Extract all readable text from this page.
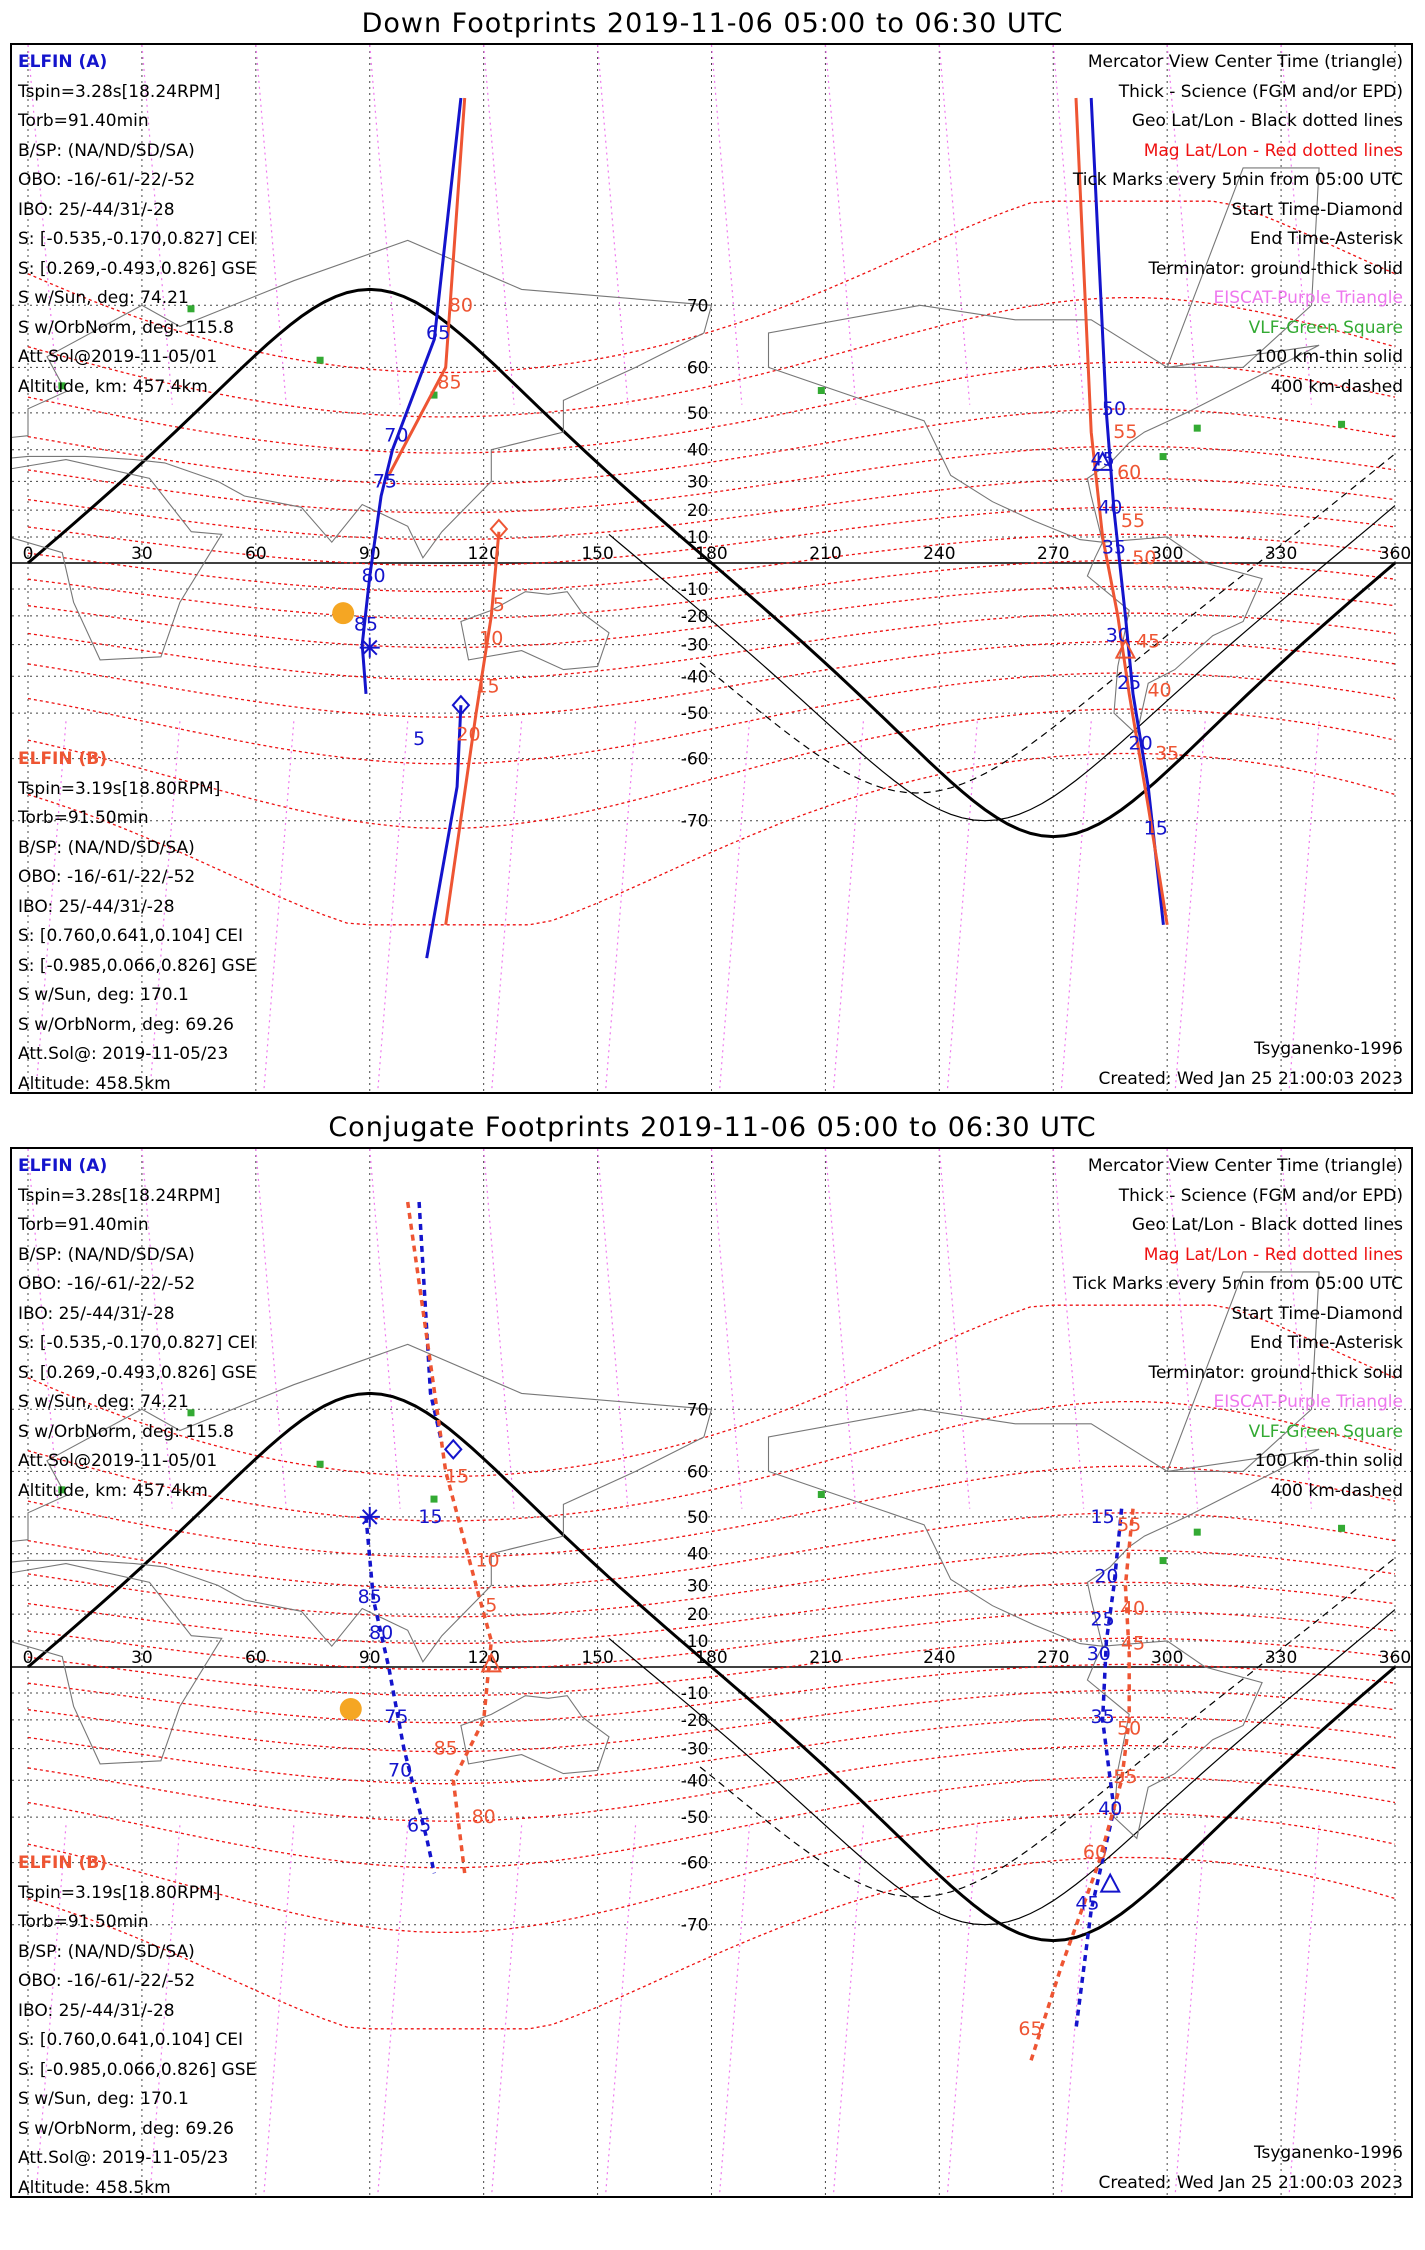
Down Footprints 2019-11-06 05:00 to 06:30 UTC
0	30	60	90	120	150	180	210	240	270	300	330	360
70
60
50
40
30
20
10
-10
-20
-30
-40
-50
-60
-70
65
70
75
80
85
5
50
45
40
35
30
25
20
15
80
85
5
10
15
20
55
60
55
50
45
40
35
ELFIN (A)
Tspin=3.28s[18.24RPM]
Torb=91.40min
B/SP: (NA/ND/SD/SA)
OBO: -16/-61/-22/-52
IBO: 25/-44/31/-28
S: [-0.535,-0.170,0.827] CEI
S: [0.269,-0.493,0.826] GSE
S w/Sun, deg: 74.21
S w/OrbNorm, deg: 115.8
Att.Sol@2019-11-05/01
Altitude, km: 457.4km
ELFIN (B)
Tspin=3.19s[18.80RPM]
Torb=91.50min
B/SP: (NA/ND/SD/SA)
OBO: -16/-61/-22/-52
IBO: 25/-44/31/-28
S: [0.760,0.641,0.104] CEI
S: [-0.985,0.066,0.826] GSE
S w/Sun, deg: 170.1
S w/OrbNorm, deg: 69.26
Att.Sol@: 2019-11-05/23
Altitude: 458.5km
Mercator View Center Time (triangle)
Thick - Science (FGM and/or EPD)
Geo Lat/Lon - Black dotted lines
Mag Lat/Lon - Red dotted lines
Tick Marks every 5min from 05:00 UTC
Start Time-Diamond
End Time-Asterisk
Terminator: ground-thick solid
EISCAT-Purple Triangle
VLF-Green Square
100 km-thin solid
400 km-dashed
Tsyganenko-1996
Created: Wed Jan 25 21:00:03 2023
Conjugate Footprints 2019-11-06 05:00 to 06:30 UTC
0	30	60	90	120	150	180	210	240	270	300	330	360
70
60
50
40
30
20
10
-10
-20
-30
-40
-50
-60
-70
15
85
80
75
70
65
15
20
25
30
35
40
45
15
10
5
85
80
55
40
45
50
55
60
65
ELFIN (A)
Tspin=3.28s[18.24RPM]
Torb=91.40min
B/SP: (NA/ND/SD/SA)
OBO: -16/-61/-22/-52
IBO: 25/-44/31/-28
S: [-0.535,-0.170,0.827] CEI
S: [0.269,-0.493,0.826] GSE
S w/Sun, deg: 74.21
S w/OrbNorm, deg: 115.8
Att.Sol@2019-11-05/01
Altitude, km: 457.4km
ELFIN (B)
Tspin=3.19s[18.80RPM]
Torb=91.50min
B/SP: (NA/ND/SD/SA)
OBO: -16/-61/-22/-52
IBO: 25/-44/31/-28
S: [0.760,0.641,0.104] CEI
S: [-0.985,0.066,0.826] GSE
S w/Sun, deg: 170.1
S w/OrbNorm, deg: 69.26
Att.Sol@: 2019-11-05/23
Altitude: 458.5km
Mercator View Center Time (triangle)
Thick - Science (FGM and/or EPD)
Geo Lat/Lon - Black dotted lines
Mag Lat/Lon - Red dotted lines
Tick Marks every 5min from 05:00 UTC
Start Time-Diamond
End Time-Asterisk
Terminator: ground-thick solid
EISCAT-Purple Triangle
VLF-Green Square
100 km-thin solid
400 km-dashed
Tsyganenko-1996
Created: Wed Jan 25 21:00:03 2023
